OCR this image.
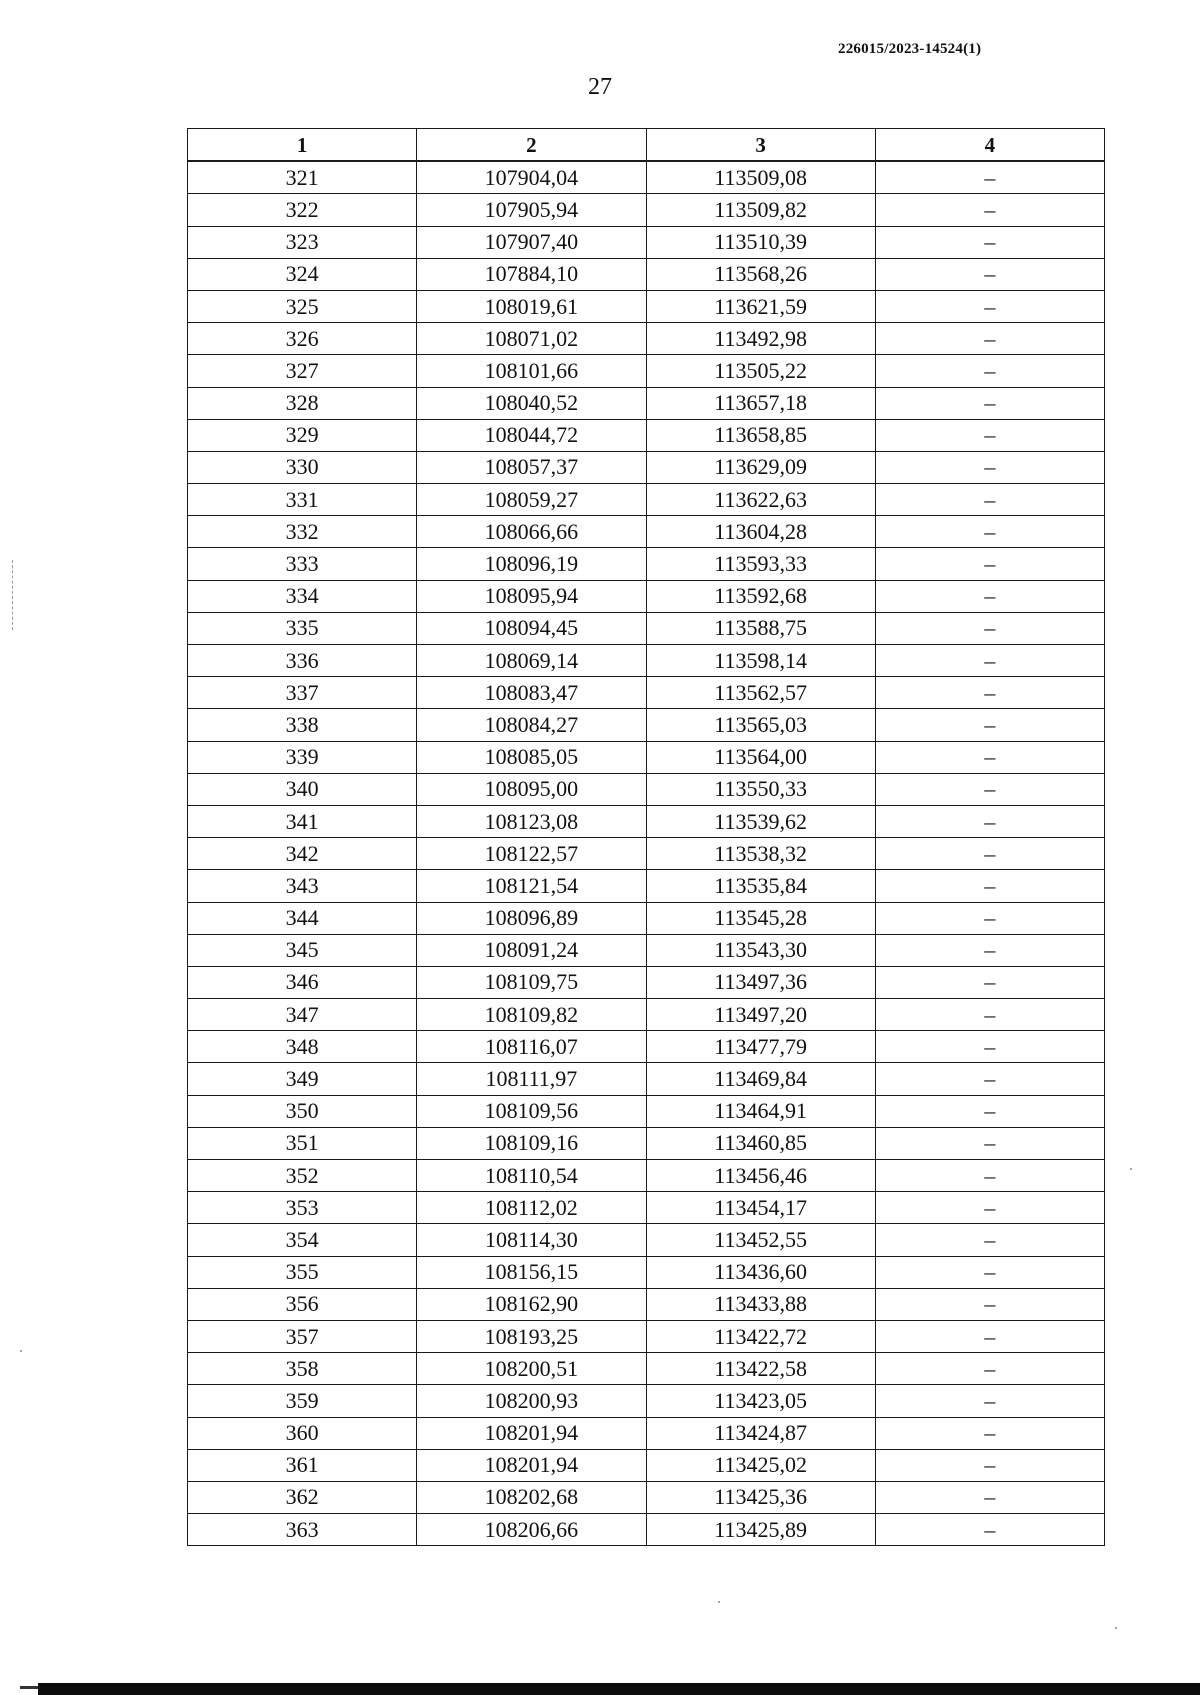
226015/2023-14524(1)
27
1	2	3	4
321	107904,04	113509,08	–
322	107905,94	113509,82	–
323	107907,40	113510,39	–
324	107884,10	113568,26	–
325	108019,61	113621,59	–
326	108071,02	113492,98	–
327	108101,66	113505,22	–
328	108040,52	113657,18	–
329	108044,72	113658,85	–
330	108057,37	113629,09	–
331	108059,27	113622,63	–
332	108066,66	113604,28	–
333	108096,19	113593,33	–
334	108095,94	113592,68	–
335	108094,45	113588,75	–
336	108069,14	113598,14	–
337	108083,47	113562,57	–
338	108084,27	113565,03	–
339	108085,05	113564,00	–
340	108095,00	113550,33	–
341	108123,08	113539,62	–
342	108122,57	113538,32	–
343	108121,54	113535,84	–
344	108096,89	113545,28	–
345	108091,24	113543,30	–
346	108109,75	113497,36	–
347	108109,82	113497,20	–
348	108116,07	113477,79	–
349	108111,97	113469,84	–
350	108109,56	113464,91	–
351	108109,16	113460,85	–
352	108110,54	113456,46	–
353	108112,02	113454,17	–
354	108114,30	113452,55	–
355	108156,15	113436,60	–
356	108162,90	113433,88	–
357	108193,25	113422,72	–
358	108200,51	113422,58	–
359	108200,93	113423,05	–
360	108201,94	113424,87	–
361	108201,94	113425,02	–
362	108202,68	113425,36	–
363	108206,66	113425,89	–
